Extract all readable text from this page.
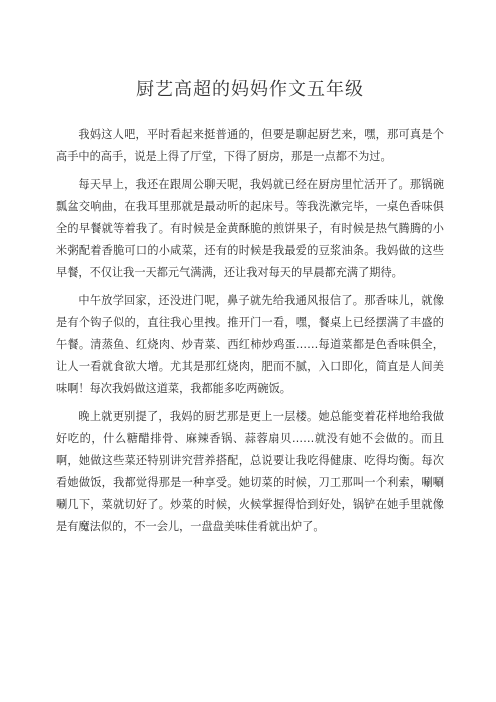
厨艺高超的妈妈作文五年级

我妈这人吧，平时看起来挺普通的，但要是聊起厨艺来，嘿，那可真是个高手中的高手，说是上得了厅堂，下得了厨房，那是一点都不为过。

每天早上，我还在跟周公聊天呢，我妈就已经在厨房里忙活开了。那锅碗瓢盆交响曲，在我耳里那就是最动听的起床号。等我洗漱完毕，一桌色香味俱全的早餐就等着我了。有时候是金黄酥脆的煎饼果子，有时候是热气腾腾的小米粥配着香脆可口的小咸菜，还有的时候是我最爱的豆浆油条。我妈做的这些早餐，不仅让我一天都元气满满，还让我对每天的早晨都充满了期待。

中午放学回家，还没进门呢，鼻子就先给我通风报信了。那香味儿，就像是有个钩子似的，直往我心里拽。推开门一看，嘿，餐桌上已经摆满了丰盛的午餐。清蒸鱼、红烧肉、炒青菜、西红柿炒鸡蛋……每道菜都是色香味俱全，让人一看就食欲大增。尤其是那红烧肉，肥而不腻，入口即化，简直是人间美味啊！每次我妈做这道菜，我都能多吃两碗饭。

晚上就更别提了，我妈的厨艺那是更上一层楼。她总能变着花样地给我做好吃的，什么糖醋排骨、麻辣香锅、蒜蓉扇贝……就没有她不会做的。而且啊，她做这些菜还特别讲究营养搭配，总说要让我吃得健康、吃得均衡。每次看她做饭，我都觉得那是一种享受。她切菜的时候，刀工那叫一个利索，唰唰唰几下，菜就切好了。炒菜的时候，火候掌握得恰到好处，锅铲在她手里就像是有魔法似的，不一会儿，一盘盘美味佳肴就出炉了。
